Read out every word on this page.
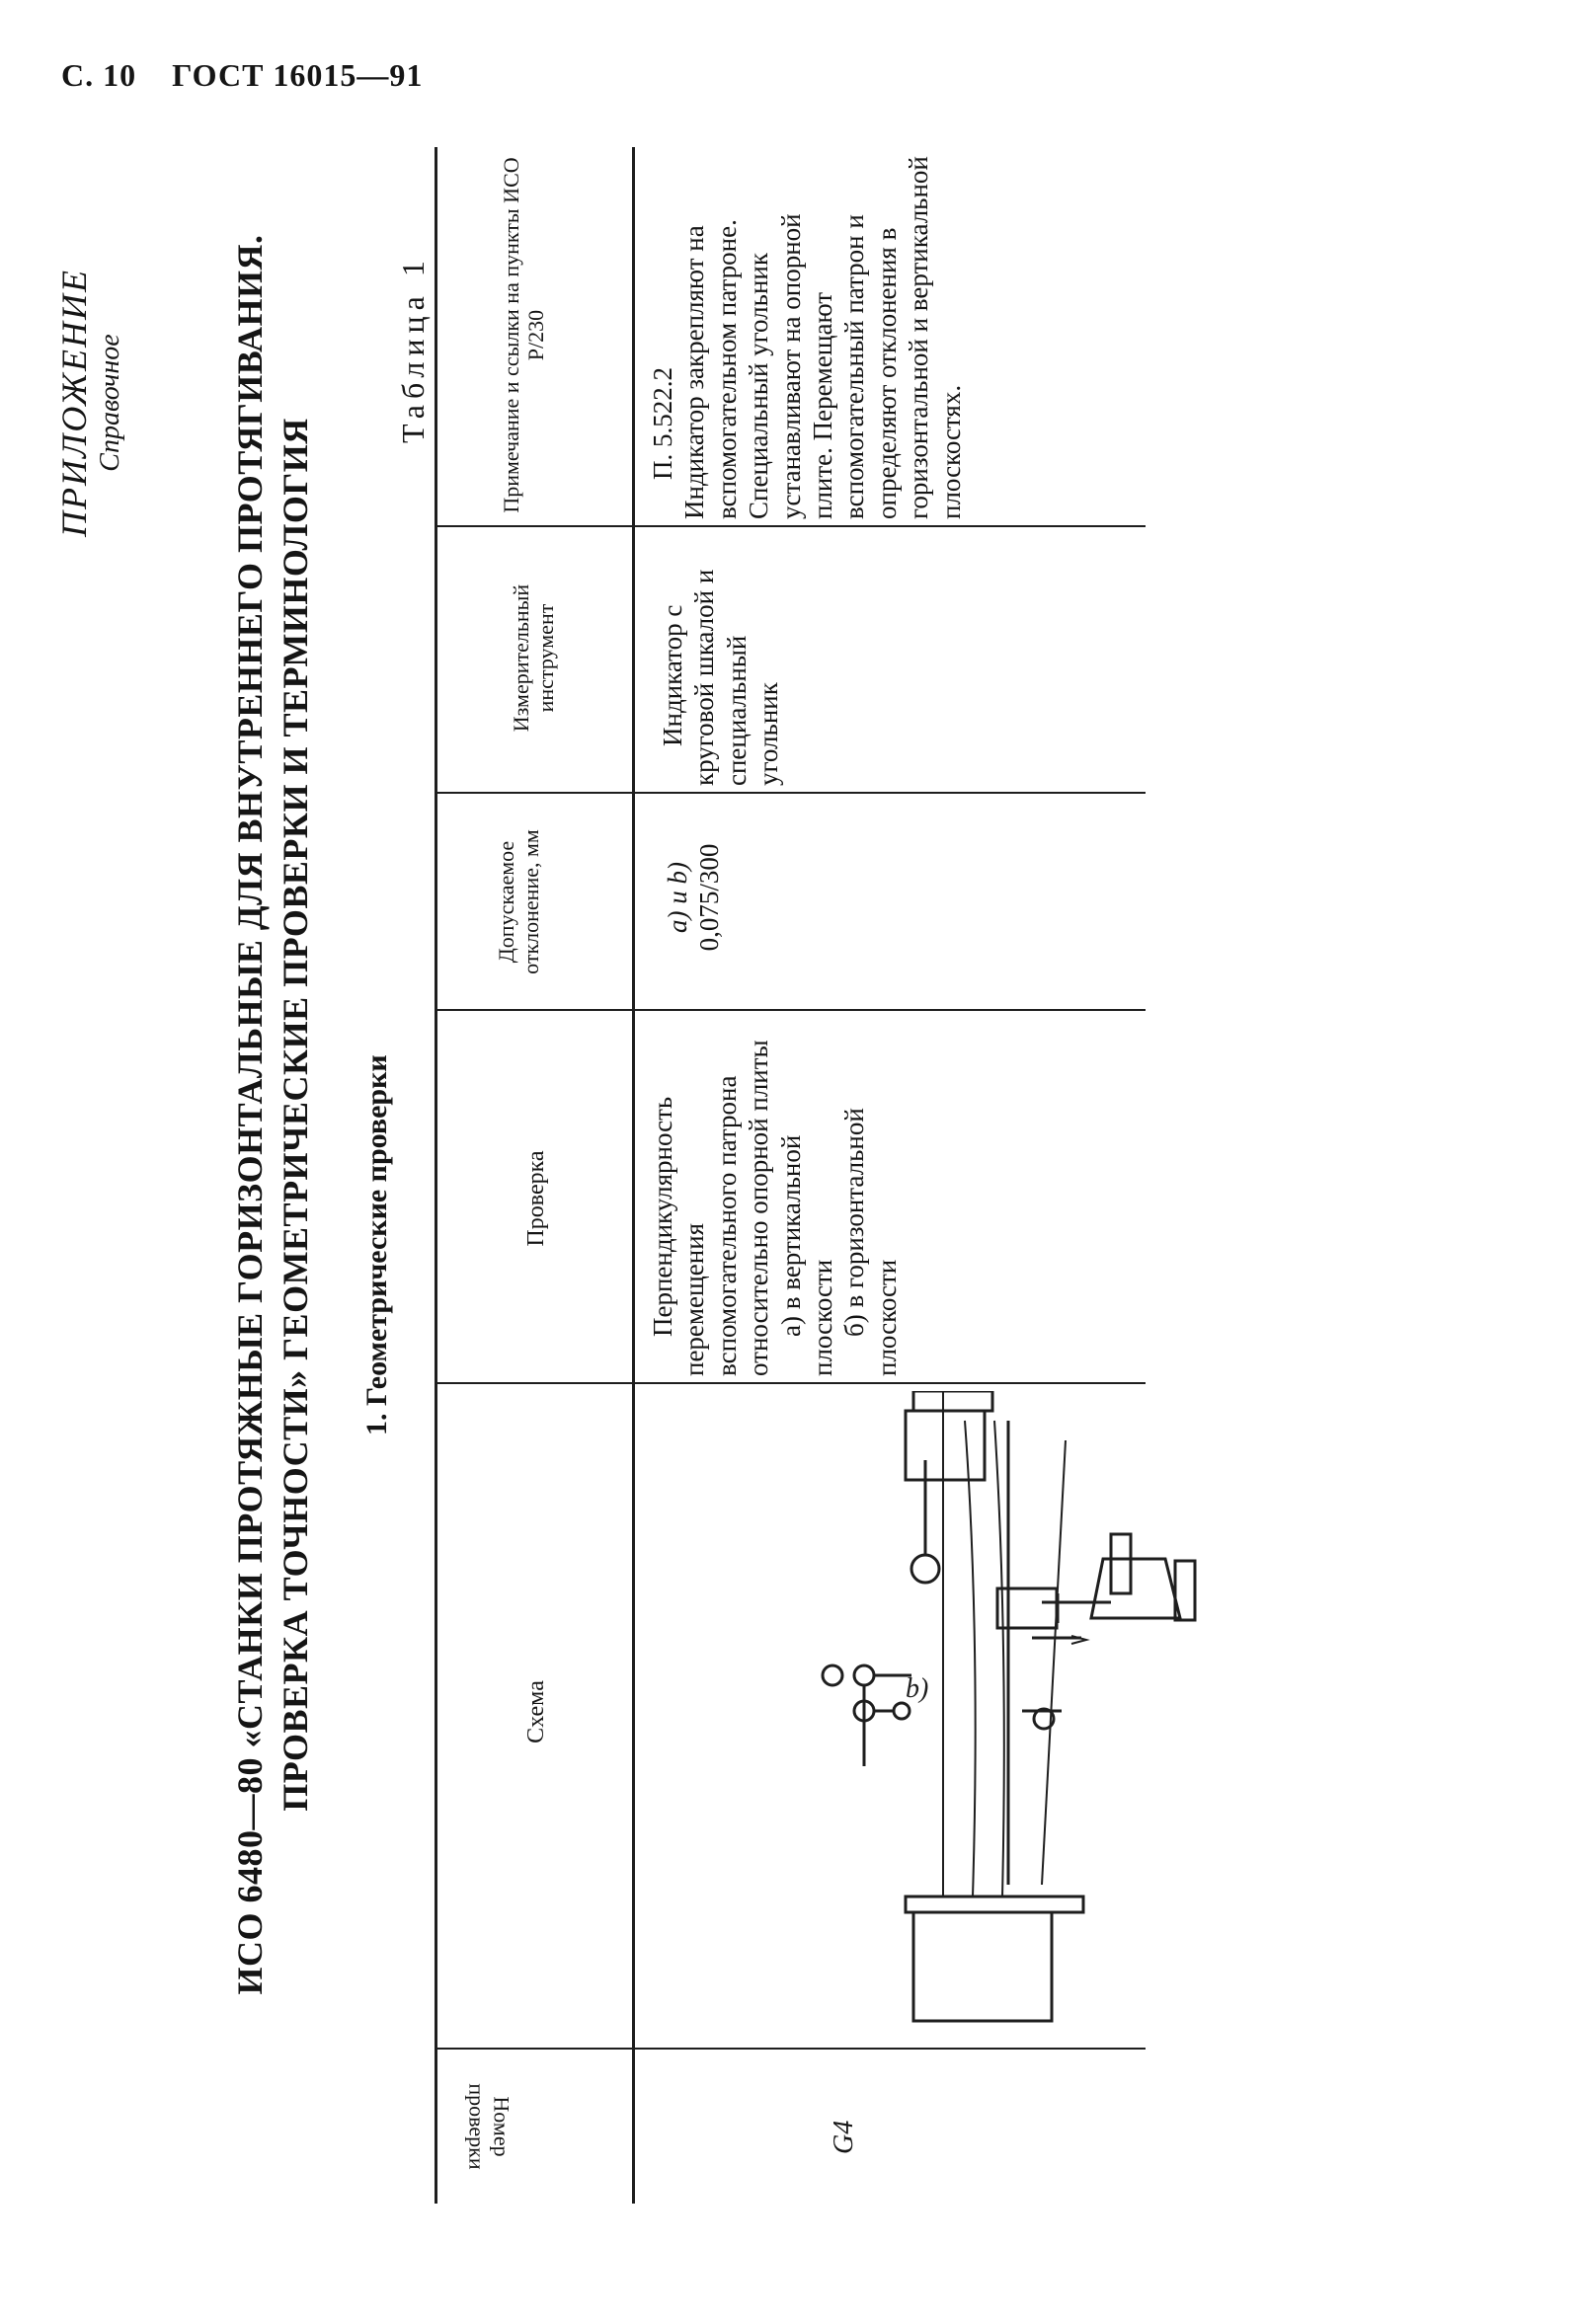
С. 10 ГОСТ 16015—91
ПРИЛОЖЕНИЕ Справочное	ИСО 6480—80 «СТАНКИ ПРОТЯЖНЫЕ ГОРИЗОНТАЛЬНЫЕ ДЛЯ ВНУТРЕННЕГО ПРОТЯГИВАНИЯ. ПРОВЕРКА ТОЧНОСТИ» ГЕОМЕТРИЧЕСКИЕ ПРОВЕРКИ И ТЕРМИНОЛОГИЯ 1. Геометрические проверки
Таблица 1
Номер проверки
Схема
Проверка
Допускаемое отклонение, мм
Измерительный инструмент
Примечание и ссылки на пункты ИСО Р/230
G4
b)
Перпендикулярность перемещения вспомогательного патрона относительно опорной плиты а) в вертикальной плоскости б) в горизонтальной плоскости
a) и b) 0,075/300
Индикатор с круговой шкалой и специальный угольник
П. 5.522.2 Индикатор закрепляют на вспомогательном патроне. Специальный угольник устанавливают на опорной плите. Перемещают вспомогательный патрон и определяют отклонения в горизонтальной и вертикальной плоскостях.
